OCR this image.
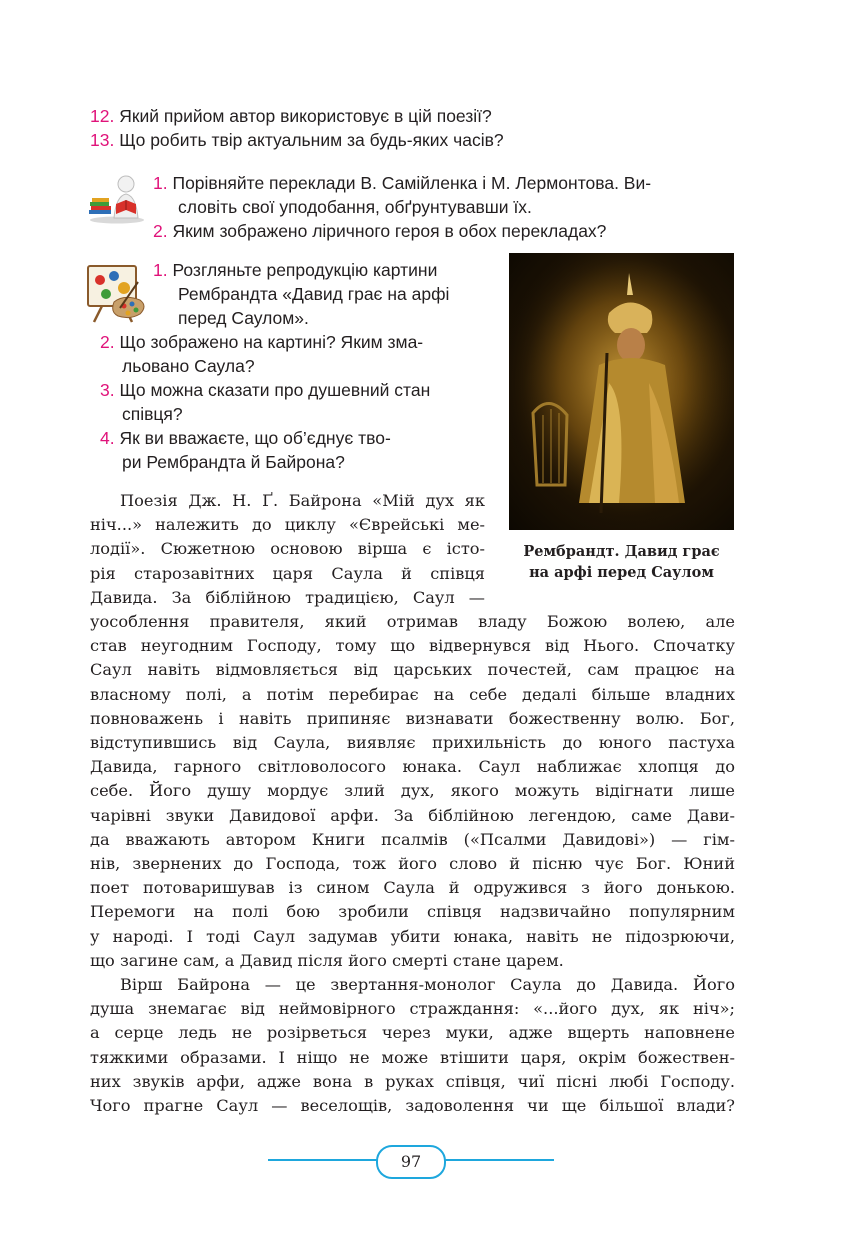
12. Який прийом автор використовує в цій поезії?
13. Що робить твір актуальним за будь-яких часів?
1. Порівняйте переклади В. Самійленка і М. Лермонтова. Ви-
словіть свої уподобання, обґрунтувавши їх.
2. Яким зображено ліричного героя в обох перекладах?
1. Розгляньте репродукцію картини
Рембрандта «Давид грає на арфі
перед Саулом».
2. Що зображено на картині? Яким зма-
льовано Саула?
3. Що можна сказати про душевний стан
співця?
4. Як ви вважаєте, що об’єднує тво-
ри Рембрандта й Байрона?
Рембрандт. Давид грає
на арфі перед Саулом
Поезія Дж. Н. Ґ. Байрона «Мій дух як
ніч...» належить до циклу «Єврейські ме-
лодії». Сюжетною основою вірша є істо-
рія старозавітних царя Саула й співця
Давида. За біблійною традицією, Саул —
уособлення правителя, який отримав владу Божою волею, але
став неугодним Господу, тому що відвернувся від Нього. Спочатку
Саул навіть відмовляється від царських почестей, сам працює на
власному полі, а потім перебирає на себе дедалі більше владних
повноважень і навіть припиняє визнавати божественну волю. Бог,
відступившись від Саула, виявляє прихильність до юного пастуха
Давида, гарного світловолосого юнака. Саул наближає хлопця до
себе. Його душу мордує злий дух, якого можуть відігнати лише
чарівні звуки Давидової арфи. За біблійною легендою, саме Дави-
да вважають автором Книги псалмів («Псалми Давидові») — гім-
нів, звернених до Господа, тож його слово й пісню чує Бог. Юний
поет потоваришував із сином Саула й одружився з його донькою.
Перемоги на полі бою зробили співця надзвичайно популярним
у народі. І тоді Саул задумав убити юнака, навіть не підозрюючи,
що загине сам, а Давид після його смерті стане царем.
Вірш Байрона — це звертання-монолог Саула до Давида. Його
душа знемагає від неймовірного страждання: «...його дух, як ніч»;
а серце ледь не розірветься через муки, адже вщерть наповнене
тяжкими образами. І ніщо не може втішити царя, окрім божествен-
них звуків арфи, адже вона в руках співця, чиї пісні любі Господу.
Чого прагне Саул — веселощів, задоволення чи ще більшої влади?
97
